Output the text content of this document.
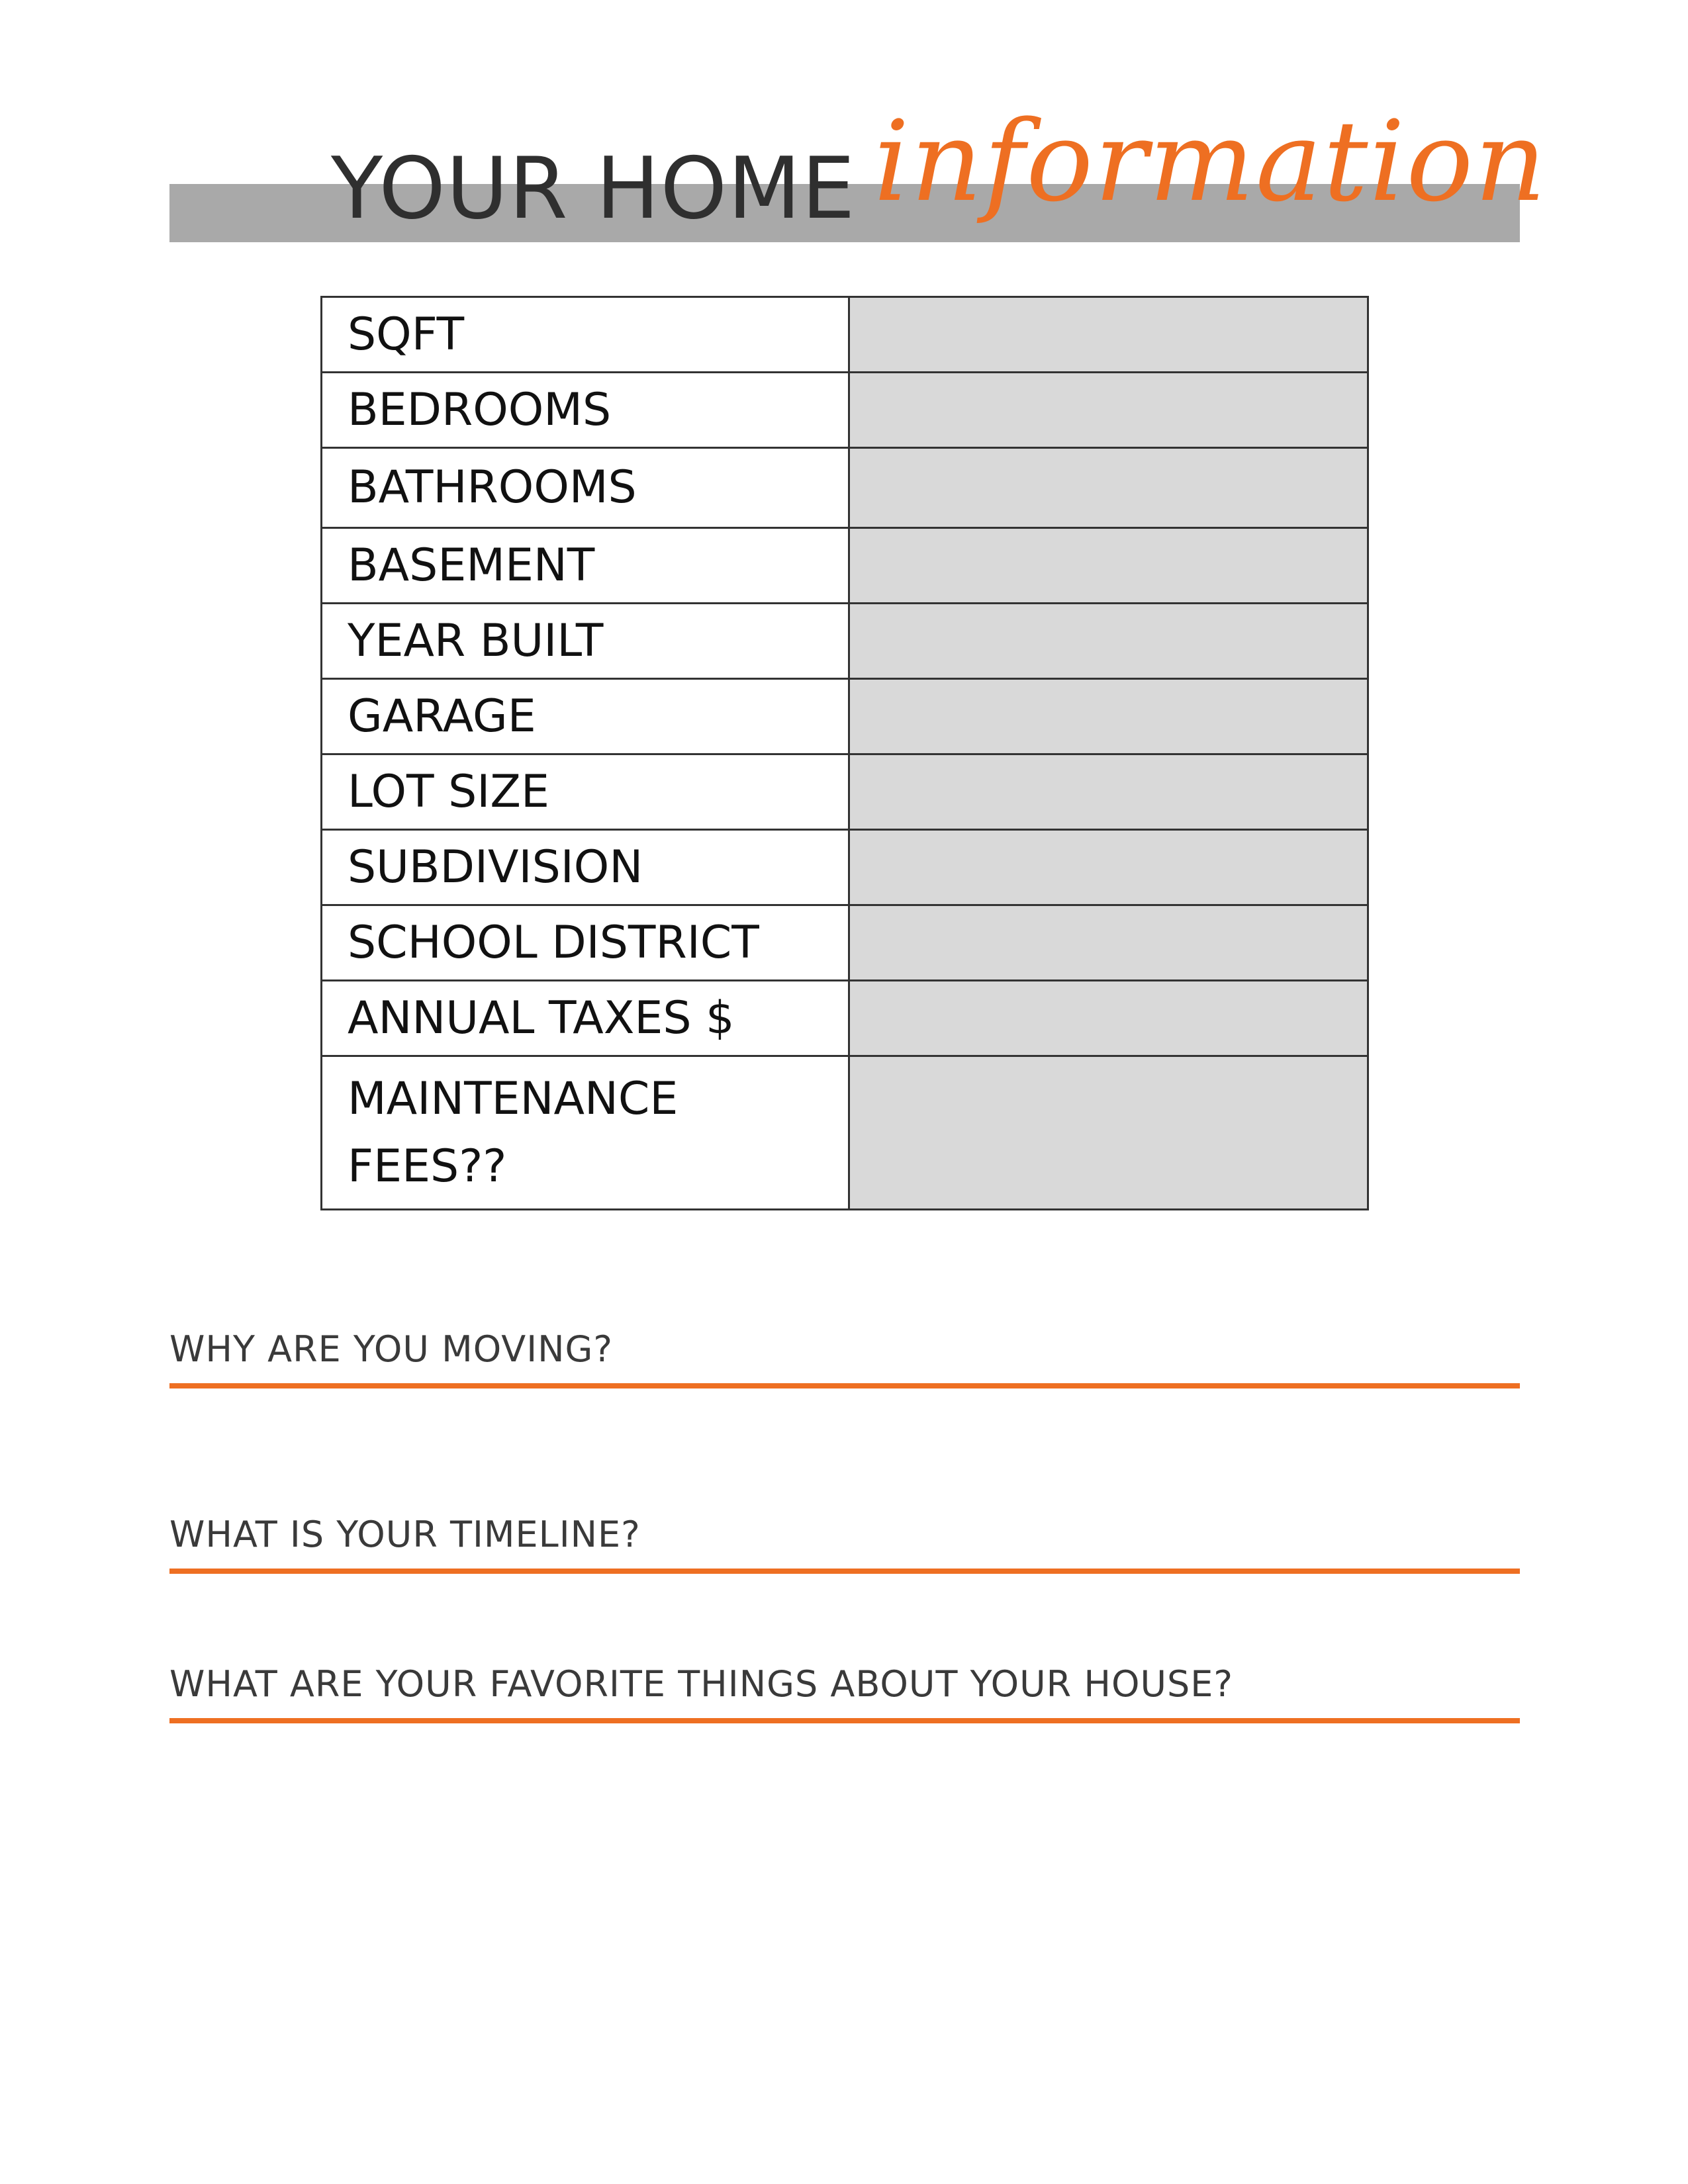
YOUR HOME information
SQFT	
BEDROOMS	
BATHROOMS	
BASEMENT	
YEAR BUILT	
GARAGE	
LOT SIZE	
SUBDIVISION	
SCHOOL DISTRICT	
ANNUAL TAXES $	
MAINTENANCE FEES??	
WHY ARE YOU MOVING?
WHAT IS YOUR TIMELINE?
WHAT ARE YOUR FAVORITE THINGS ABOUT YOUR HOUSE?
